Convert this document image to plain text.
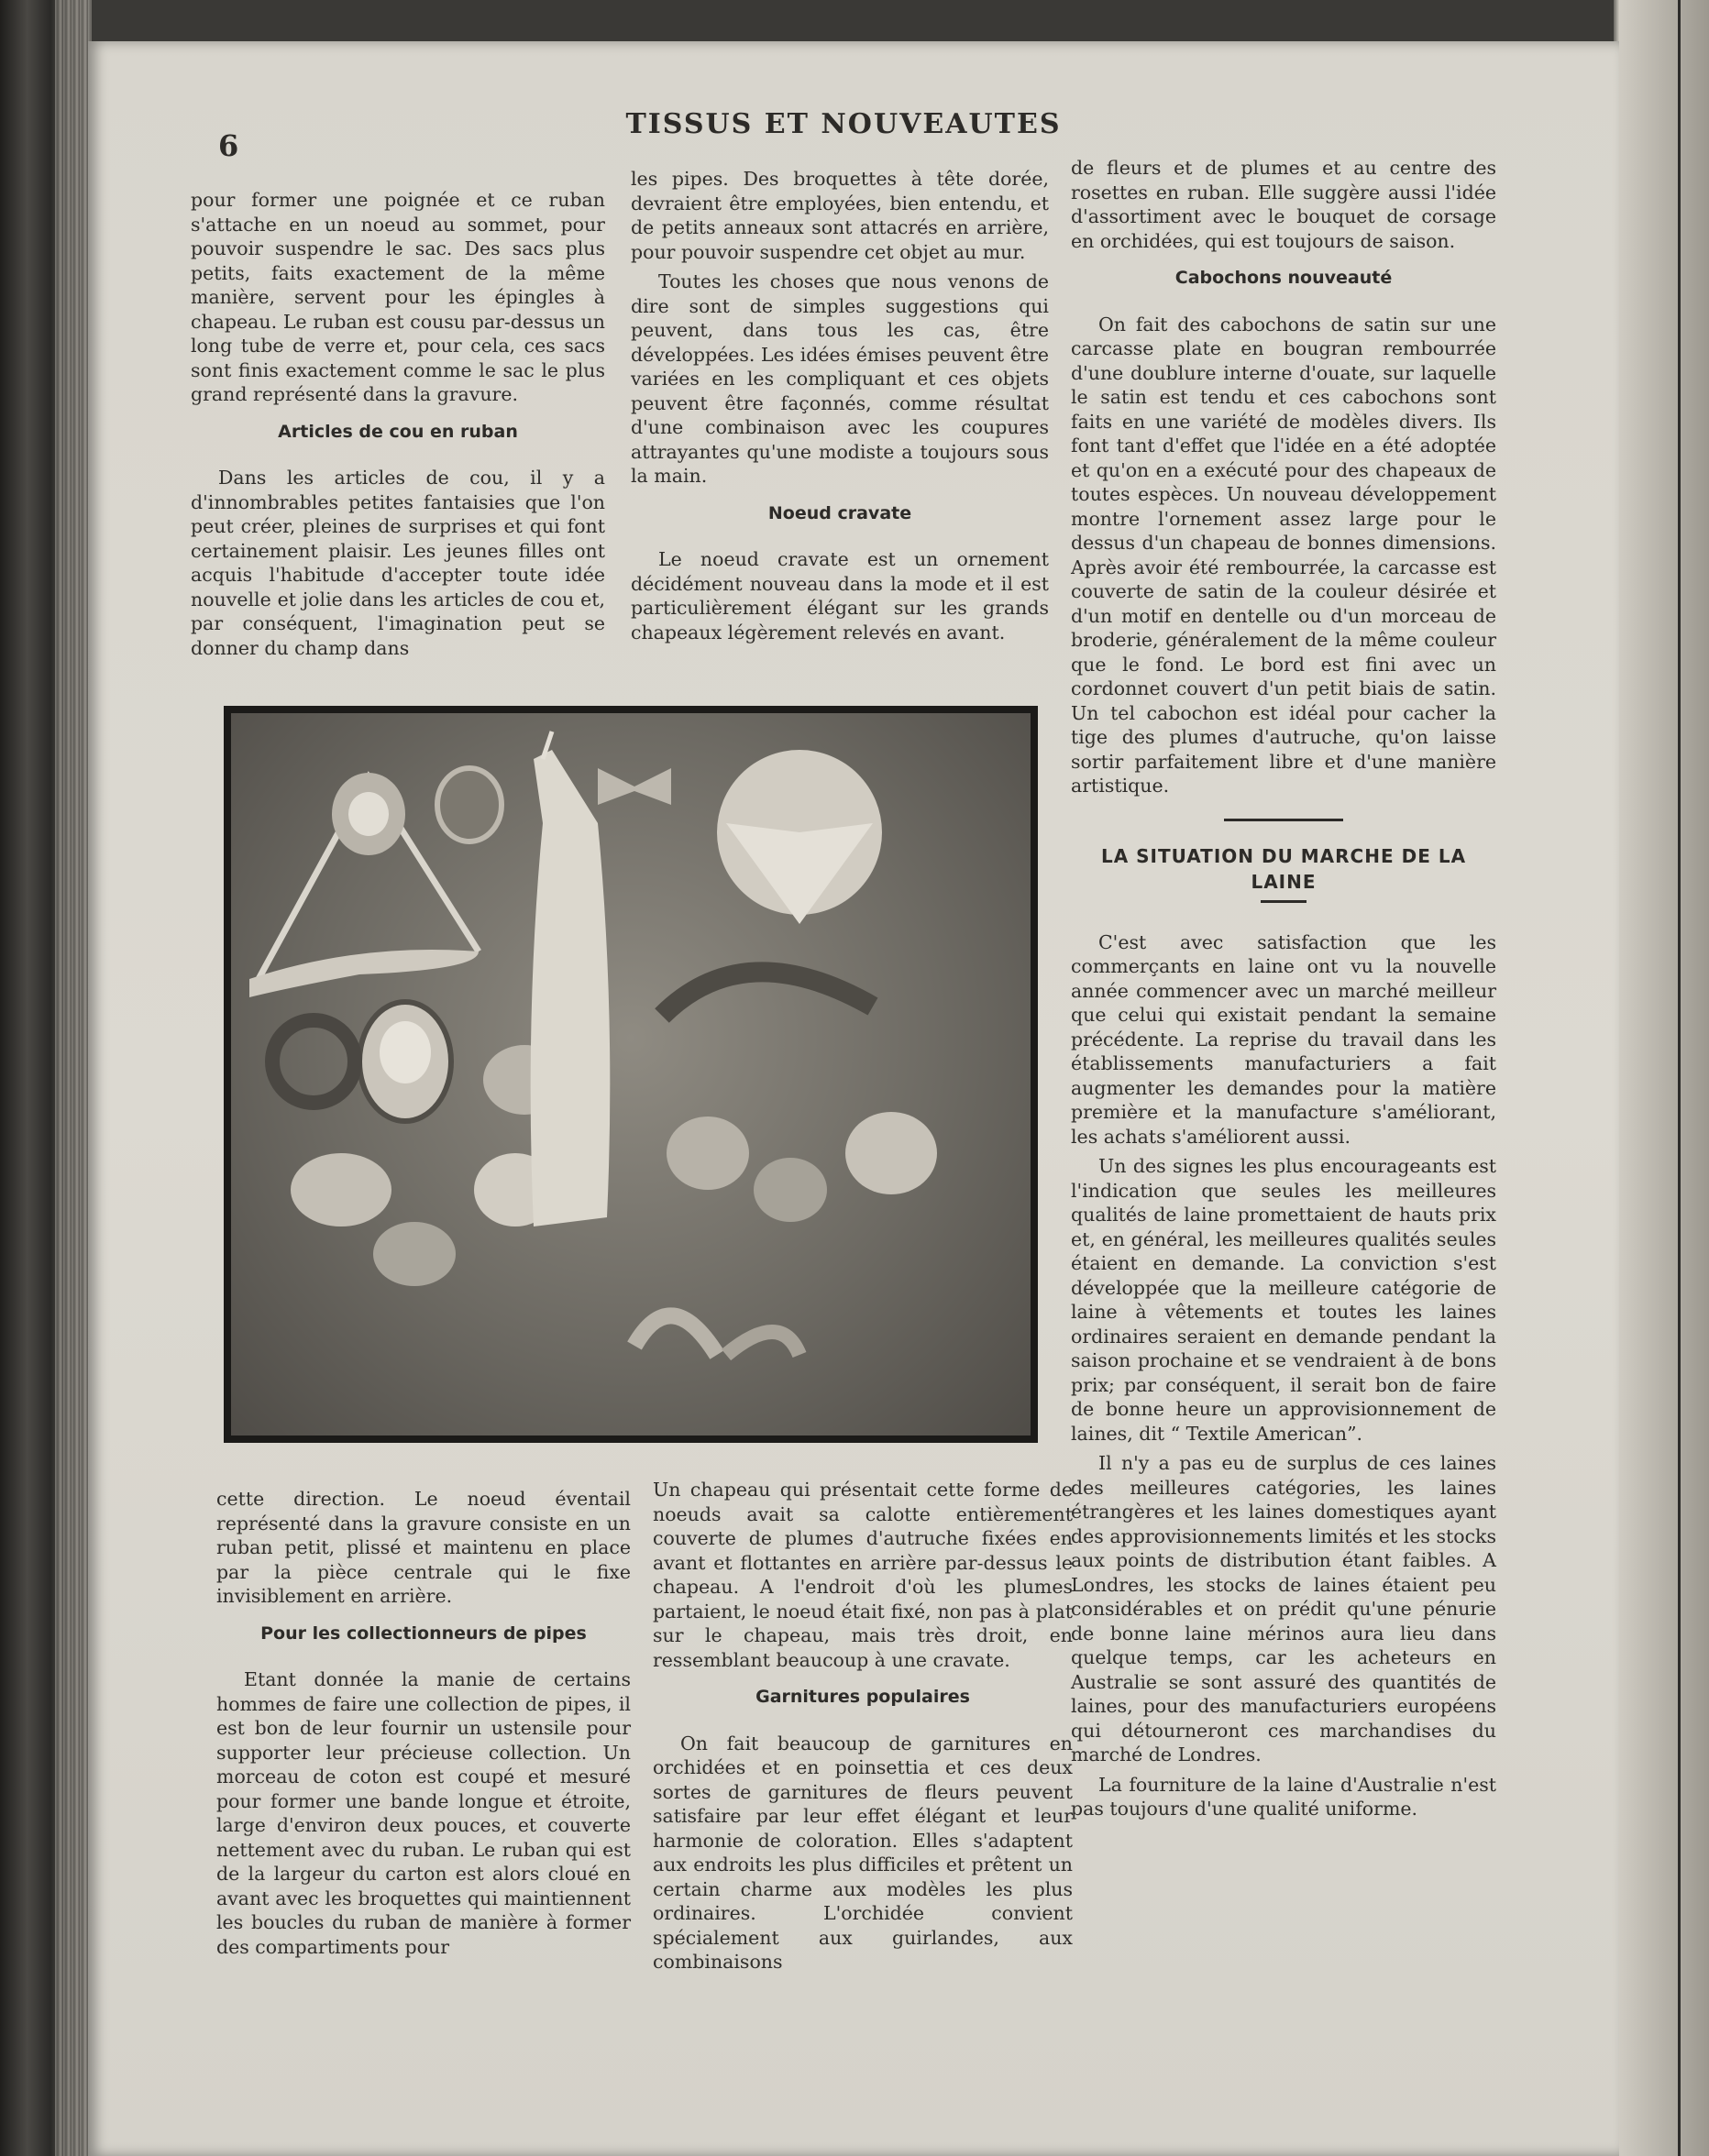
6
TISSUS ET NOUVEAUTES

pour former une poignée et ce ruban s'attache en un noeud au sommet, pour pouvoir suspendre le sac. Des sacs plus petits, faits exactement de la même manière, servent pour les épingles à chapeau. Le ruban est cousu par-dessus un long tube de verre et, pour cela, ces sacs sont finis exactement comme le sac le plus grand représenté dans la gravure.

Articles de cou en ruban

Dans les articles de cou, il y a d'innombrables petites fantaisies que l'on peut créer, pleines de surprises et qui font certainement plaisir. Les jeunes filles ont acquis l'habitude d'accepter toute idée nouvelle et jolie dans les articles de cou et, par conséquent, l'imagination peut se donner du champ dans

les pipes. Des broquettes à tête dorée, devraient être employées, bien entendu, et de petits anneaux sont attacrés en arrière, pour pouvoir suspendre cet objet au mur.

Toutes les choses que nous venons de dire sont de simples suggestions qui peuvent, dans tous les cas, être développées. Les idées émises peuvent être variées en les compliquant et ces objets peuvent être façonnés, comme résultat d'une combinaison avec les coupures attrayantes qu'une modiste a toujours sous la main.

Noeud cravate

Le noeud cravate est un ornement décidément nouveau dans la mode et il est particulièrement élégant sur les grands chapeaux légèrement relevés en avant.

de fleurs et de plumes et au centre des rosettes en ruban. Elle suggère aussi l'idée d'assortiment avec le bouquet de corsage en orchidées, qui est toujours de saison.

Cabochons nouveauté

On fait des cabochons de satin sur une carcasse plate en bougran rembourrée d'une doublure interne d'ouate, sur laquelle le satin est tendu et ces cabochons sont faits en une variété de modèles divers. Ils font tant d'effet que l'idée en a été adoptée et qu'on en a exécuté pour des chapeaux de toutes espèces. Un nouveau développement montre l'ornement assez large pour le dessus d'un chapeau de bonnes dimensions. Après avoir été rembourrée, la carcasse est couverte de satin de la couleur désirée et d'un motif en dentelle ou d'un morceau de broderie, généralement de la même couleur que le fond. Le bord est fini avec un cordonnet couvert d'un petit biais de satin. Un tel cabochon est idéal pour cacher la tige des plumes d'autruche, qu'on laisse sortir parfaitement libre et d'une manière artistique.

LA SITUATION DU MARCHE DE LA LAINE

C'est avec satisfaction que les commerçants en laine ont vu la nouvelle année commencer avec un marché meilleur que celui qui existait pendant la semaine précédente. La reprise du travail dans les établissements manufacturiers a fait augmenter les demandes pour la matière première et la manufacture s'améliorant, les achats s'améliorent aussi.

Un des signes les plus encourageants est l'indication que seules les meilleures qualités de laine promettaient de hauts prix et, en général, les meilleures qualités seules étaient en demande. La conviction s'est développée que la meilleure catégorie de laine à vêtements et toutes les laines ordinaires seraient en demande pendant la saison prochaine et se vendraient à de bons prix; par conséquent, il serait bon de faire de bonne heure un approvisionnement de laines, dit “ Textile American”.

Il n'y a pas eu de surplus de ces laines des meilleures catégories, les laines étrangères et les laines domestiques ayant des approvisionnements limités et les stocks aux points de distribution étant faibles. A Londres, les stocks de laines étaient peu considérables et on prédit qu'une pénurie de bonne laine mérinos aura lieu dans quelque temps, car les acheteurs en Australie se sont assuré des quantités de laines, pour des manufacturiers européens qui détourneront ces marchandises du marché de Londres.

La fourniture de la laine d'Australie n'est pas toujours d'une qualité uniforme.

cette direction. Le noeud éventail représenté dans la gravure consiste en un ruban petit, plissé et maintenu en place par la pièce centrale qui le fixe invisiblement en arrière.

Pour les collectionneurs de pipes

Etant donnée la manie de certains hommes de faire une collection de pipes, il est bon de leur fournir un ustensile pour supporter leur précieuse collection. Un morceau de coton est coupé et mesuré pour former une bande longue et étroite, large d'environ deux pouces, et couverte nettement avec du ruban. Le ruban qui est de la largeur du carton est alors cloué en avant avec les broquettes qui maintiennent les boucles du ruban de manière à former des compartiments pour

Un chapeau qui présentait cette forme de noeuds avait sa calotte entièrement couverte de plumes d'autruche fixées en avant et flottantes en arrière par-dessus le chapeau. A l'endroit d'où les plumes partaient, le noeud était fixé, non pas à plat sur le chapeau, mais très droit, en ressemblant beaucoup à une cravate.

Garnitures populaires

On fait beaucoup de garnitures en orchidées et en poinsettia et ces deux sortes de garnitures de fleurs peuvent satisfaire par leur effet élégant et leur harmonie de coloration. Elles s'adaptent aux endroits les plus difficiles et prêtent un certain charme aux modèles les plus ordinaires. L'orchidée convient spécialement aux guirlandes, aux combinaisons
